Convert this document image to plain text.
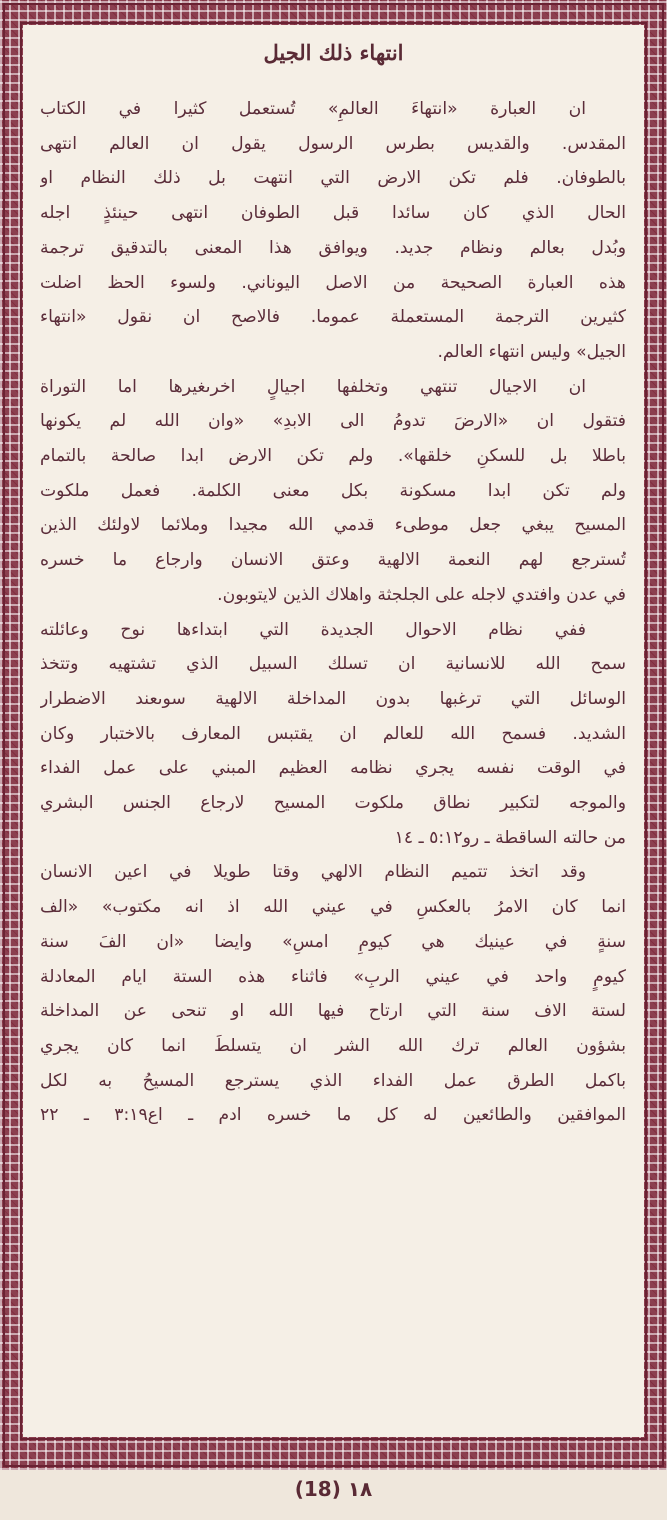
انتهاء ذلك الجيل
ان العبارة «انتهاءَ العالمِ» تُستعمل كثيرا في الكتاب
المقدس. والقديس بطرس الرسول يقول ان العالم انتهى
بالطوفان. فلم تكن الارض التي انتهت بل ذلك النظام او
الحال الذي كان سائدا قبل الطوفان انتهى حينئذٍ اجله
وبُدل بعالم ونظام جديد. ويوافق هذا المعنى بالتدقيق ترجمة
هذه العبارة الصحيحة من الاصل اليوناني. ولسوء الحظ اضلت
كثيرين الترجمة المستعملة عموما. فالاصح ان نقول «انتهاء
الجيل» وليس انتهاء العالم.
ان الاجيال تنتهي وتخلفها اجيالٍ اخرىغيرها اما التوراة
فتقول ان «الارضَ تدومُ الى الابدِ» «وان الله لم يكونها
باطلا بل للسكنِ خلقها». ولم تكن الارض ابدا صالحة بالتمام
ولم تكن ابدا مسكونة بكل معنى الكلمة. فعمل ملكوت
المسيح يبغي جعل موطىء قدمي الله مجيدا وملائما لاولئك الذين
تُسترجع لهم النعمة الالهية وعتق الانسان وارجاع ما خسره
في عدن وافتدي لاجله على الجلجثة واهلاك الذين لايتوبون.
ففي نظام الاحوال الجديدة التي ابتداءها نوح وعائلته
سمح الله للانسانية ان تسلك السبيل الذي تشتهيه وتتخذ
الوسائل التي ترغبها بدون المداخلة الالهية سوىعند الاضطرار
الشديد. فسمح الله للعالم ان يقتبس المعارف بالاختبار وكان
في الوقت نفسه يجري نظامه العظيم المبني على عمل الفداء
والموجه لتكبير نطاق ملكوت المسيح لارجاع الجنس البشري
من حالته الساقطة ـ رو٥:١٢ ـ ١٤
وقد اتخذ تتميم النظام الالهي وقتا طويلا في اعين الانسان
انما كان الامرُ بالعكسِ في عيني الله اذ انه مكتوب» «الف
سنةٍ في عينيك هي كيومِ امسِ» وايضا «ان الفَ سنة
كيومٍ واحد في عيني الربِ» فاثناء هذه الستة ايام المعادلة
لستة الاف سنة التي ارتاح فيها الله او تنحى عن المداخلة
بشؤون العالم ترك الله الشر ان يتسلطَ انما كان يجري
باكمل الطرق عمل الفداء الذي يسترجع المسيحُ به لكل
الموافقين والطائعين له كل ما خسره ادم ـ اع٣:١٩ ـ ٢٢
(18) ١٨
